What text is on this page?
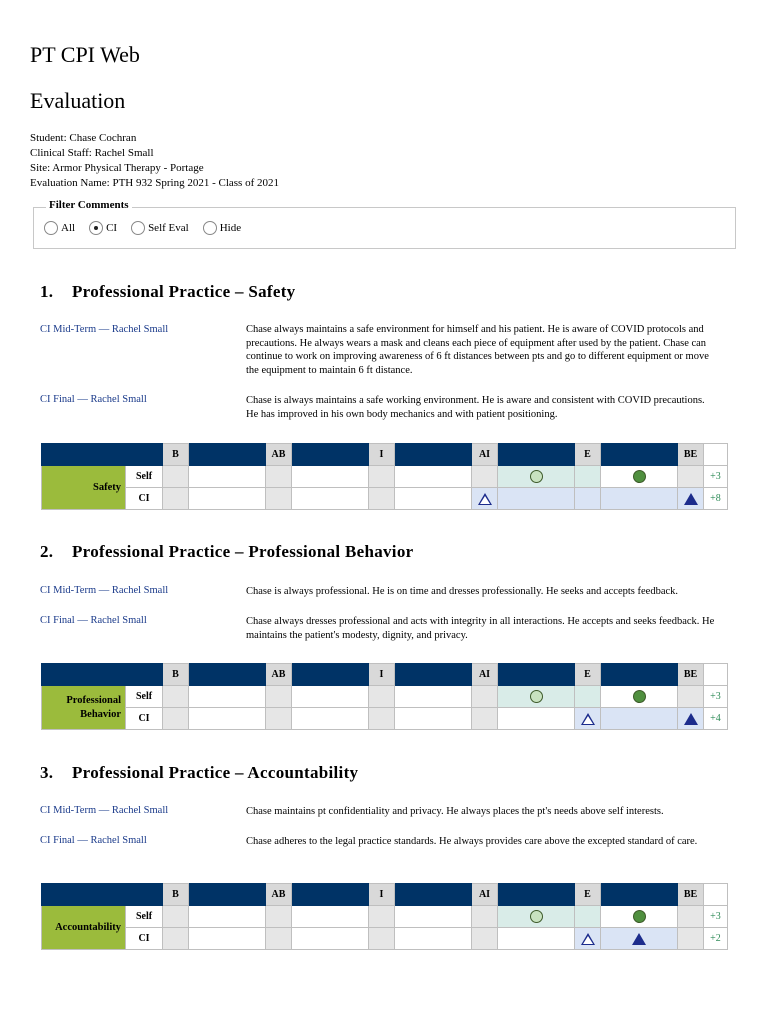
PT CPI Web
Evaluation
Student: Chase Cochran
Clinical Staff: Rachel Small
Site: Armor Physical Therapy - Portage
Evaluation Name: PTH 932 Spring 2021 - Class of 2021
Filter Comments
All	CI	Self Eval	Hide
1. Professional Practice – Safety
CI Mid-Term — Rachel Small	Chase always maintains a safe environment for himself and his patient. He is aware of COVID protocols and precautions. He always wears a mask and cleans each piece of equipment after used by the patient. Chase can continue to work on improving awareness of 6 ft distances between pts and go to different equipment or move the equipment to maintain 6 ft distance.
CI Final — Rachel Small	Chase is always maintains a safe working environment. He is aware and consistent with COVID precautions. He has improved in his own body mechanics and with patient positioning.
		B		AB		I		AI		E		BE	
Safety	Self												+3
	CI												+8
2. Professional Practice – Professional Behavior
CI Mid-Term — Rachel Small	Chase is always professional. He is on time and dresses professionally. He seeks and accepts feedback.
CI Final — Rachel Small	Chase always dresses professional and acts with integrity in all interactions. He accepts and seeks feedback. He maintains the patient's modesty, dignity, and privacy.
		B		AB		I		AI		E		BE	
Professional
Behavior	Self												+3
	CI												+4
3. Professional Practice – Accountability
CI Mid-Term — Rachel Small	Chase maintains pt confidentiality and privacy. He always places the pt's needs above self interests.
CI Final — Rachel Small	Chase adheres to the legal practice standards. He always provides care above the excepted standard of care.
		B		AB		I		AI		E		BE	
Accountability	Self												+3
	CI												+2
